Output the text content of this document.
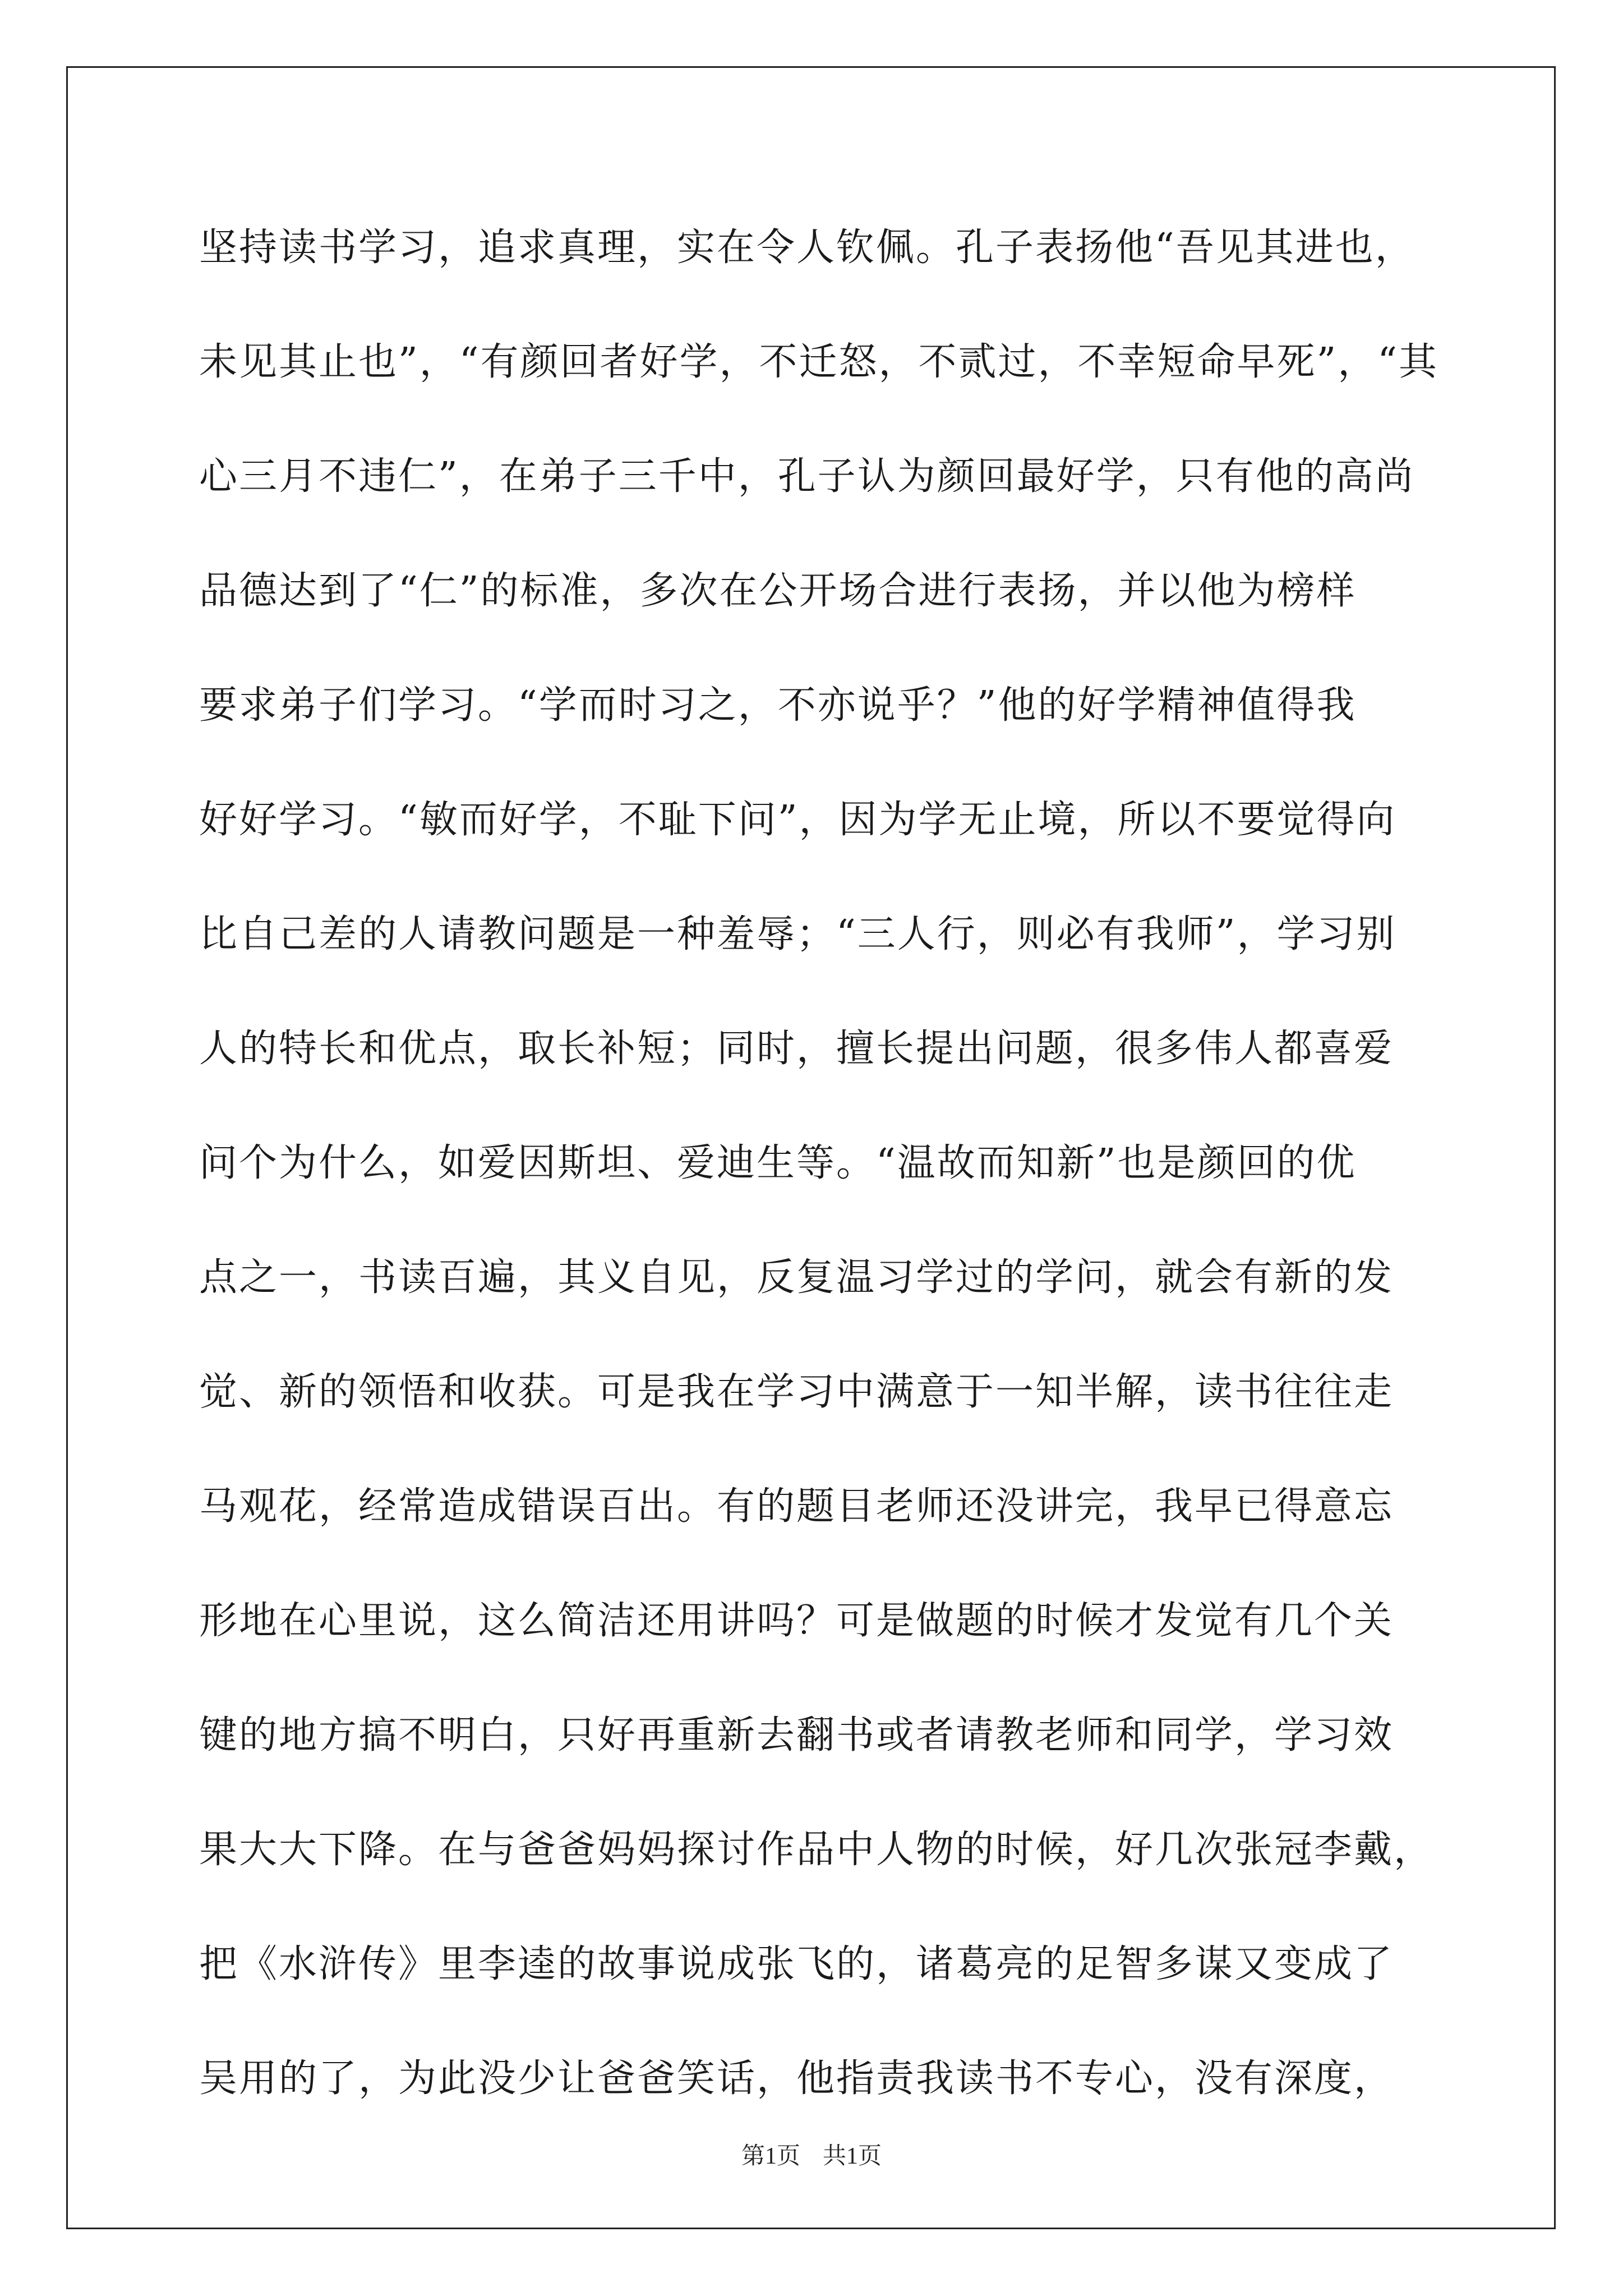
坚持读书学习，追求真理，实在令人钦佩。孔子表扬他“吾见其进也，
未见其止也”，“有颜回者好学，不迁怒，不贰过，不幸短命早死”，“其
心三月不违仁”，在弟子三千中，孔子认为颜回最好学，只有他的高尚
品德达到了“仁”的标准，多次在公开场合进行表扬，并以他为榜样
要求弟子们学习。“学而时习之，不亦说乎？”他的好学精神值得我
好好学习。“敏而好学，不耻下问”，因为学无止境，所以不要觉得向
比自己差的人请教问题是一种羞辱；“三人行，则必有我师”，学习别
人的特长和优点，取长补短；同时，擅长提出问题，很多伟人都喜爱
问个为什么，如爱因斯坦、爱迪生等。“温故而知新”也是颜回的优
点之一，书读百遍，其义自见，反复温习学过的学问，就会有新的发
觉、新的领悟和收获。可是我在学习中满意于一知半解，读书往往走
马观花，经常造成错误百出。有的题目老师还没讲完，我早已得意忘
形地在心里说，这么简洁还用讲吗？可是做题的时候才发觉有几个关
键的地方搞不明白，只好再重新去翻书或者请教老师和同学，学习效
果大大下降。在与爸爸妈妈探讨作品中人物的时候，好几次张冠李戴，
把《水浒传》里李逵的故事说成张飞的，诸葛亮的足智多谋又变成了
吴用的了，为此没少让爸爸笑话，他指责我读书不专心，没有深度，
第1页 共1页
